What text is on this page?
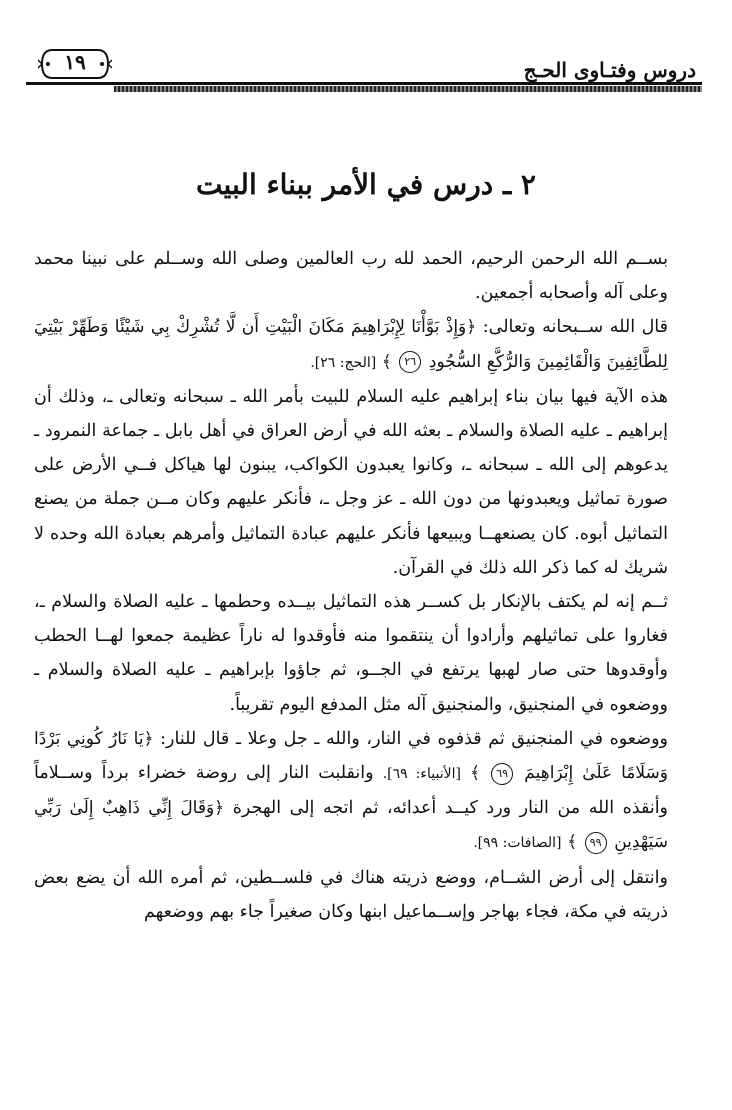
دروس وفتـاوى الحـج
١٩
٢ ـ درس في الأمر ببناء البيت

بســم الله الرحمن الرحيم، الحمد لله رب العالمين وصلى الله وســلم على نبينا محمد وعلى آله وأصحابه أجمعين.

قال الله ســبحانه وتعالى: ﴿وَإِذْ بَوَّأْنَا لِإِبْرَاهِيمَ مَكَانَ الْبَيْتِ أَن لَّا تُشْرِكْ بِي شَيْئًا وَطَهِّرْ بَيْتِيَ لِلطَّائِفِينَ وَالْقَائِمِينَ وَالرُّكَّعِ السُّجُودِ ٢٦ ﴾ [الحج: ٢٦].

هذه الآية فيها بيان بناء إبراهيم عليه السلام للبيت بأمر الله ـ سبحانه وتعالى ـ، وذلك أن إبراهيم ـ عليه الصلاة والسلام ـ بعثه الله في أرض العراق في أهل بابل ـ جماعة النمرود ـ يدعوهم إلى الله ـ سبحانه ـ، وكانوا يعبدون الكواكب، يبنون لها هياكل فــي الأرض على صورة تماثيل ويعبدونها من دون الله ـ عز وجل ـ، فأنكر عليهم وكان مــن جملة من يصنع التماثيل أبوه. كان يصنعهــا ويبيعها فأنكر عليهم عبادة التماثيل وأمرهم بعبادة الله وحده لا شريك له كما ذكر الله ذلك في القرآن.

ثــم إنه لم يكتف بالإنكار بل كســر هذه التماثيل بيــده وحطمها ـ عليه الصلاة والسلام ـ، فغاروا على تماثيلهم وأرادوا أن ينتقموا منه فأوقدوا له ناراً عظيمة جمعوا لهــا الحطب وأوقدوها حتى صار لهبها يرتفع في الجــو، ثم جاؤوا بإبراهيم ـ عليه الصلاة والسلام ـ ووضعوه في المنجنيق، والمنجنيق آله مثل المدفع اليوم تقريباً.

ووضعوه في المنجنيق ثم قذفوه في النار، والله ـ جل وعلا ـ قال للنار: ﴿يَا نَارُ كُونِي بَرْدًا وَسَلَامًا عَلَىٰ إِبْرَاهِيمَ ٦٩ ﴾ [الأنبياء: ٦٩]. وانقلبت النار إلى روضة خضراء برداً وســلاماً وأنقذه الله من النار ورد كيــد أعدائه، ثم اتجه إلى الهجرة ﴿وَقَالَ إِنِّي ذَاهِبٌ إِلَىٰ رَبِّي سَيَهْدِينِ ٩٩ ﴾ [الصافات: ٩٩].

وانتقل إلى أرض الشــام، ووضع ذريته هناك في فلســطين، ثم أمره الله أن يضع بعض ذريته في مكة، فجاء بهاجر وإســماعيل ابنها وكان صغيراً جاء بهم ووضعهم
